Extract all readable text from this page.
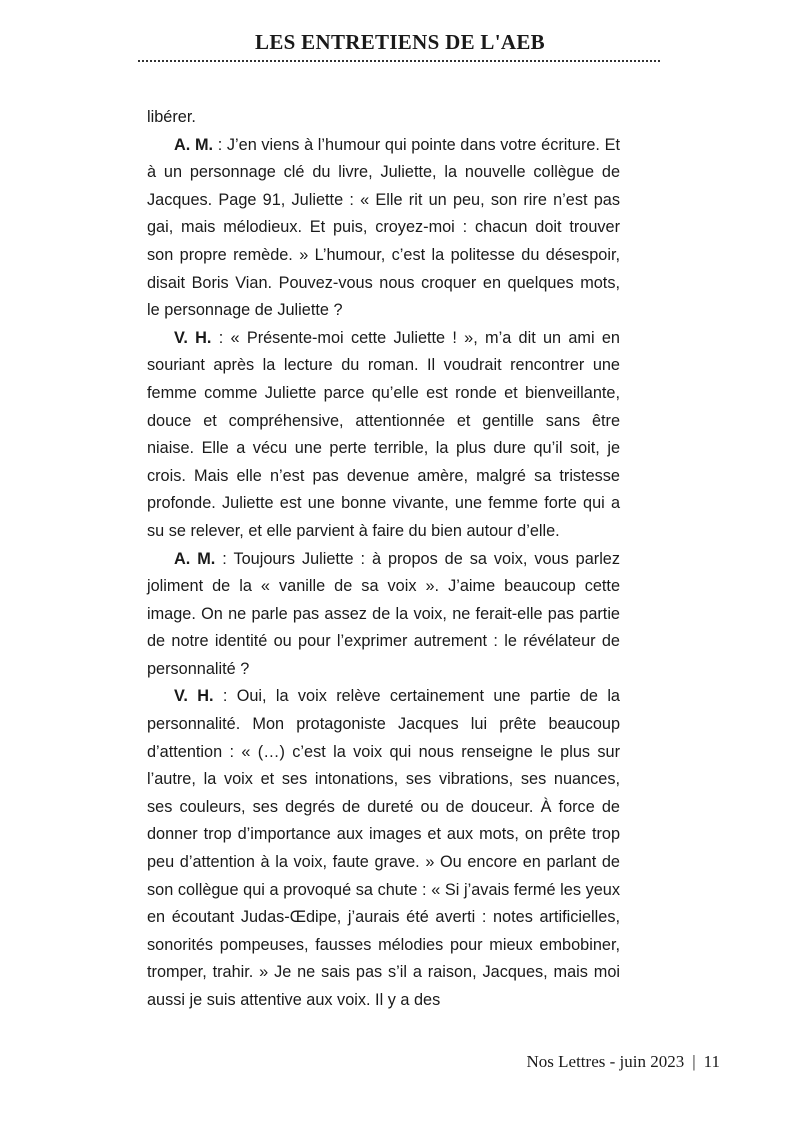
LES ENTRETIENS DE L'AEB

libérer.

A. M. : J’en viens à l’humour qui pointe dans votre écriture. Et à un personnage clé du livre, Juliette, la nouvelle collègue de Jacques. Page 91, Juliette : « Elle rit un peu, son rire n’est pas gai, mais mélodieux. Et puis, croyez-moi : chacun doit trouver son propre remède. » L’humour, c’est la politesse du désespoir, disait Boris Vian. Pouvez-vous nous croquer en quelques mots, le personnage de Juliette ?

V. H. : « Présente-moi cette Juliette ! », m’a dit un ami en souriant après la lecture du roman. Il voudrait rencontrer une femme comme Juliette parce qu’elle est ronde et bienveillante, douce et compréhensive, attentionnée et gentille sans être niaise. Elle a vécu une perte terrible, la plus dure qu’il soit, je crois. Mais elle n’est pas devenue amère, malgré sa tristesse profonde. Juliette est une bonne vivante, une femme forte qui a su se relever, et elle parvient à faire du bien autour d’elle.

A. M. : Toujours Juliette : à propos de sa voix, vous parlez joliment de la « vanille de sa voix ». J’aime beaucoup cette image. On ne parle pas assez de la voix, ne ferait-elle pas partie de notre identité ou pour l’exprimer autrement : le révélateur de personnalité ?

V. H. : Oui, la voix relève certainement une partie de la personnalité. Mon protagoniste Jacques lui prête beaucoup d’attention : « (…) c’est la voix qui nous renseigne le plus sur l’autre, la voix et ses intonations, ses vibrations, ses nuances, ses couleurs, ses degrés de dureté ou de douceur. À force de donner trop d’importance aux images et aux mots, on prête trop peu d’attention à la voix, faute grave. » Ou encore en parlant de son collègue qui a provoqué sa chute : « Si j’avais fermé les yeux en écoutant Judas-Œdipe, j’aurais été averti : notes artificielles, sonorités pompeuses, fausses mélodies pour mieux embobiner, tromper, trahir. » Je ne sais pas s’il a raison, Jacques, mais moi aussi je suis attentive aux voix. Il y a des

Nos Lettres - juin 2023 | 11
